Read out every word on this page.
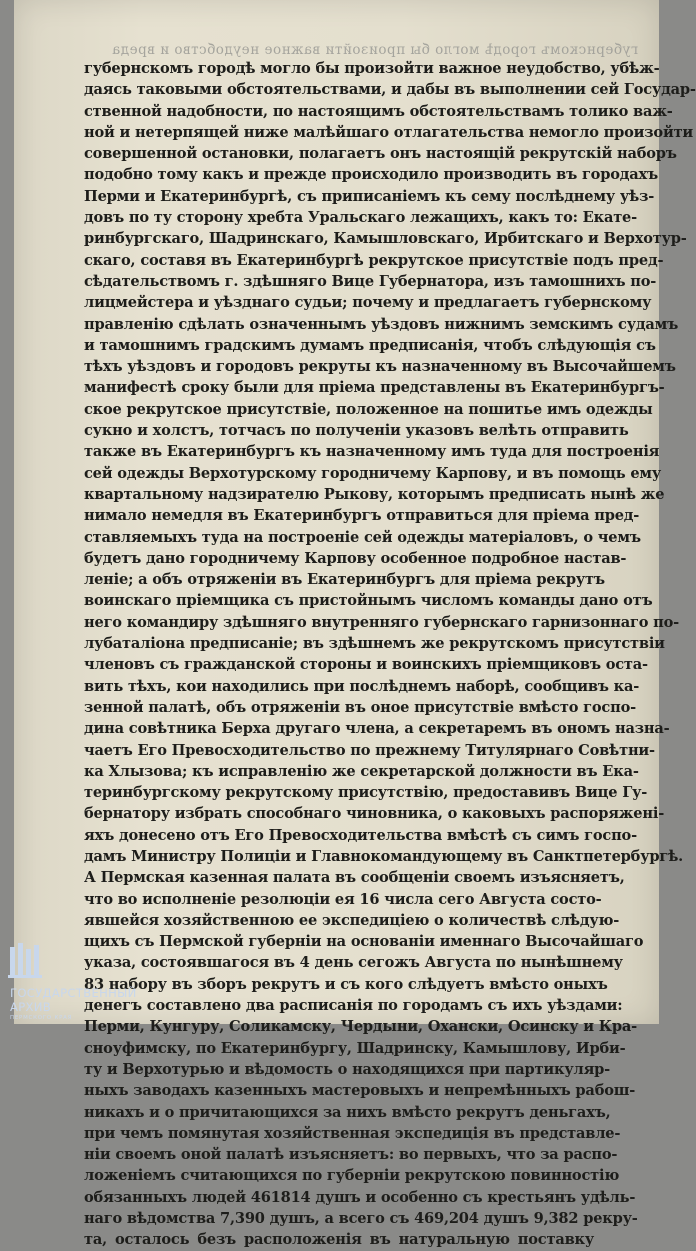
губернскомъ городѣ могло бы произойти важное неудобство и вреда
губернскомъ городѣ могло бы произойти важное неудобство, убѣж-
даясь таковыми обстоятельствами, и дабы въ выполнении сей Государ-
ственной надобности, по настоящимъ обстоятельствамъ толико важ-
ной и нетерпящей ниже малѣйшаго отлагательства немогло произойти
совершенной остановки, полагаетъ онъ настоящій рекрутскій наборъ
подобно тому какъ и прежде происходило производить въ городахъ
Перми и Екатеринбургѣ, съ приписаніемъ къ сему послѣднему уѣз-
довъ по ту сторону хребта Уральскаго лежащихъ, какъ то: Екате-
ринбургскаго, Шадринскаго, Камышловскаго, Ирбитскаго и Верхотур-
скаго, составя въ Екатеринбургѣ рекрутское присутствіе подъ пред-
сѣдательствомъ г. здѣшняго Вице Губернатора, изъ тамошнихъ по-
лицмейстера и уѣзднаго судьи; почему и предлагаетъ губернскому
правленію сдѣлать означеннымъ уѣздовъ нижнимъ земскимъ судамъ
и тамошнимъ градскимъ думамъ предписанія, чтобъ слѣдующія съ
тѣхъ уѣздовъ и городовъ рекруты къ назначенному въ Высочайшемъ
манифестѣ сроку были для пріема представлены въ Екатеринбургъ-
ское рекрутское присутствіе, положенное на пошитье имъ одежды
сукно и холстъ, тотчасъ по полученіи указовъ велѣть отправить
также въ Екатеринбургъ къ назначенному имъ туда для построенія
сей одежды Верхотурскому городничему Карпову, и въ помощь ему
квартальному надзирателю Рыкову, которымъ предписать нынѣ же
нимало немедля въ Екатеринбургъ отправиться для пріема пред-
ставляемыхъ туда на построеніе сей одежды матеріаловъ, о чемъ
будетъ дано городничему Карпову особенное подробное настав-
леніе; а объ отряженіи въ Екатеринбургъ для пріема рекрутъ
воинскаго пріемщика съ пристойнымъ числомъ команды дано отъ
него командиру здѣшняго внутренняго губернскаго гарнизоннаго по-
лубаталіона предписаніе; въ здѣшнемъ же рекрутскомъ присутствіи
членовъ съ гражданской стороны и воинскихъ пріемщиковъ оста-
вить тѣхъ, кои находились при послѣднемъ наборѣ, сообщивъ ка-
зенной палатѣ, объ отряженіи въ оное присутствіе вмѣсто госпо-
дина совѣтника Берха другаго члена, а секретаремъ въ ономъ назна-
чаетъ Его Превосходительство по прежнему Титулярнаго Совѣтни-
ка Хлызова; къ исправленію же секретарской должности въ Ека-
теринбургскому рекрутскому присутствію, предоставивъ Вице Гу-
бернатору избрать способнаго чиновника, о каковыхъ распоряжені-
яхъ донесено отъ Его Превосходительства вмѣстѣ съ симъ госпо-
дамъ Министру Полиціи и Главнокомандующему въ Санктпетербургѣ.
А Пермская казенная палата въ сообщеніи своемъ изъясняетъ,
что во исполненіе резолюціи ея 16 числа сего Августа состо-
явшейся хозяйственною ее экспедиціею о количествѣ слѣдую-
щихъ съ Пермской губерніи на основаніи именнаго Высочайшаго
указа, состоявшагося въ 4 день сегожъ Августа по нынѣшнему
83 набору въ зборъ рекрутъ и съ кого слѣдуетъ вмѣсто оныхъ
денегъ составлено два расписанія по городамъ съ ихъ уѣздами:
Перми, Кунгуру, Соликамску, Чердыни, Охански, Осинску и Кра-
сноуфимску, по Екатеринбургу, Шадринску, Камышлову, Ирби-
ту и Верхотурью и вѣдомость о находящихся при партикуляр-
ныхъ заводахъ казенныхъ мастеровыхъ и непремѣнныхъ рабош-
никахъ и о причитающихся за нихъ вмѣсто рекрутъ деньгахъ,
при чемъ помянутая хозяйственная экспедиція въ представле-
ніи своемъ оной палатѣ изъясняетъ: во первыхъ, что за распо-
ложеніемъ считающихся по губерніи рекрутскою повинностію
обязанныхъ людей 461814 душъ и особенно съ крестьянъ удѣль-
наго вѣдомства 7,390 душъ, а всего съ 469,204 душъ 9,382 рекру-
та, осталось безъ расположенія въ натуральную поставку
ГОСУДАРСТВЕННЫЙ
АРХИВ
ПЕРМСКОГО КРАЯ
